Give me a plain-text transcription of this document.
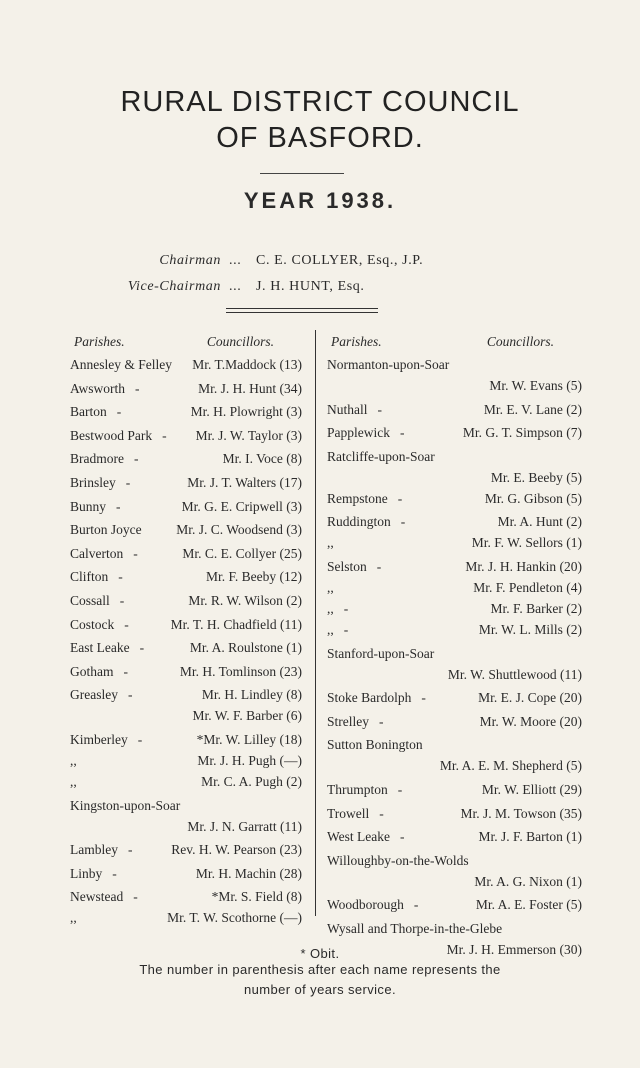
RURAL DISTRICT COUNCIL
OF BASFORD.
YEAR 1938.
Chairman ... C. E. COLLYER, Esq., J.P.
Vice-Chairman ... J. H. HUNT, Esq.
Parishes.	Councillors.
Annesley & Felley Mr. T.Maddock (13)
Awsworth -	Mr. J. H. Hunt (34)
Barton -	Mr. H. Plowright (3)
Bestwood Park -	Mr. J. W. Taylor (3)
Bradmore -	Mr. I. Voce (8)
Brinsley -	Mr. J. T. Walters (17)
Bunny -	Mr. G. E. Cripwell (3)
Burton Joyce	Mr. J. C. Woodsend (3)
Calverton -	Mr. C. E. Collyer (25)
Clifton -	Mr. F. Beeby (12)
Cossall -	Mr. R. W. Wilson (2)
Costock -	Mr. T. H. Chadfield (11)
East Leake -	Mr. A. Roulstone (1)
Gotham -	Mr. H. Tomlinson (23)
Greasley -	Mr. H. Lindley (8)
Mr. W. F. Barber (6)
Kimberley -	*Mr. W. Lilley (18)
,,	Mr. J. H. Pugh (—)
,,	Mr. C. A. Pugh (2)
Kingston-upon-Soar
Mr. J. N. Garratt (11)
Lambley -	Rev. H. W. Pearson (23)
Linby -	Mr. H. Machin (28)
Newstead -	*Mr. S. Field (8)
,,	Mr. T. W. Scothorne (—)
Parishes.	Councillors.
Normanton-upon-Soar
Mr. W. Evans (5)
Nuthall -	Mr. E. V. Lane (2)
Papplewick -	Mr. G. T. Simpson (7)
Ratcliffe-upon-Soar
Mr. E. Beeby (5)
Rempstone -	Mr. G. Gibson (5)
Ruddington -	Mr. A. Hunt (2)
,,	Mr. F. W. Sellors (1)
Selston -	Mr. J. H. Hankin (20)
,,	Mr. F. Pendleton (4)
,, -	Mr. F. Barker (2)
,, -	Mr. W. L. Mills (2)
Stanford-upon-Soar
Mr. W. Shuttlewood (11)
Stoke Bardolph -	Mr. E. J. Cope (20)
Strelley -	Mr. W. Moore (20)
Sutton Bonington
Mr. A. E. M. Shepherd (5)
Thrumpton -	Mr. W. Elliott (29)
Trowell -	Mr. J. M. Towson (35)
West Leake -	Mr. J. F. Barton (1)
Willoughby-on-the-Wolds
Mr. A. G. Nixon (1)
Woodborough -	Mr. A. E. Foster (5)
Wysall and Thorpe-in-the-Glebe
Mr. J. H. Emmerson (30)
* Obit.
The number in parenthesis after each name represents the
number of years service.
